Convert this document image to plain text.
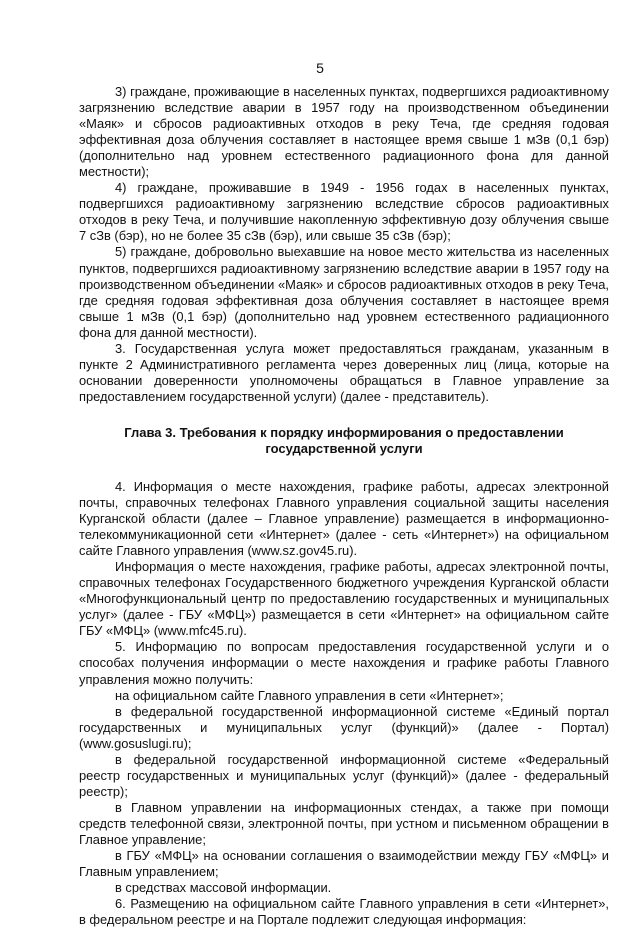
5

3) граждане, проживающие в населенных пунктах, подвергшихся радиоактивному загрязнению вследствие аварии в 1957 году на производственном объединении «Маяк» и сбросов радиоактивных отходов в реку Теча, где средняя годовая эффективная доза облучения составляет в настоящее время свыше 1 мЗв (0,1 бэр) (дополнительно над уровнем естественного радиационного фона для данной местности);

4) граждане, проживавшие в 1949 - 1956 годах в населенных пунктах, подвергшихся радиоактивному загрязнению вследствие сбросов радиоактивных отходов в реку Теча, и получившие накопленную эффективную дозу облучения свыше 7 сЗв (бэр), но не более 35 сЗв (бэр), или свыше 35 сЗв (бэр);

5) граждане, добровольно выехавшие на новое место жительства из населенных пунктов, подвергшихся радиоактивному загрязнению вследствие аварии в 1957 году на производственном объединении «Маяк» и сбросов радиоактивных отходов в реку Теча, где средняя годовая эффективная доза облучения составляет в настоящее время свыше 1 мЗв (0,1 бэр) (дополнительно над уровнем естественного радиационного фона для данной местности).

3. Государственная услуга может предоставляться гражданам, указанным в пункте 2 Административного регламента через доверенных лиц (лица, которые на основании доверенности уполномочены обращаться в Главное управление за предоставлением государственной услуги) (далее - представитель).

Глава 3. Требования к порядку информирования о предоставлении государственной услуги

4. Информация о месте нахождения, графике работы, адресах электронной почты, справочных телефонах Главного управления социальной защиты населения Курганской области (далее – Главное управление) размещается в информационно-телекоммуникационной сети «Интернет» (далее - сеть «Интернет») на официальном сайте Главного управления (www.sz.gov45.ru).

Информация о месте нахождения, графике работы, адресах электронной почты, справочных телефонах Государственного бюджетного учреждения Курганской области «Многофункциональный центр по предоставлению государственных и муниципальных услуг» (далее - ГБУ «МФЦ») размещается в сети «Интернет» на официальном сайте ГБУ «МФЦ» (www.mfc45.ru).

5. Информацию по вопросам предоставления государственной услуги и о способах получения информации о месте нахождения и графике работы Главного управления можно получить:

на официальном сайте Главного управления в сети «Интернет»;

в федеральной государственной информационной системе «Единый портал государственных и муниципальных услуг (функций)» (далее - Портал) (www.gosuslugi.ru);

в федеральной государственной информационной системе «Федеральный реестр государственных и муниципальных услуг (функций)» (далее - федеральный реестр);

в Главном управлении на информационных стендах, а также при помощи средств телефонной связи, электронной почты, при устном и письменном обращении в Главное управление;

в ГБУ «МФЦ» на основании соглашения о взаимодействии между ГБУ «МФЦ» и Главным управлением;

в средствах массовой информации.

6. Размещению на официальном сайте Главного управления в сети «Интернет», в федеральном реестре и на Портале подлежит следующая информация:
